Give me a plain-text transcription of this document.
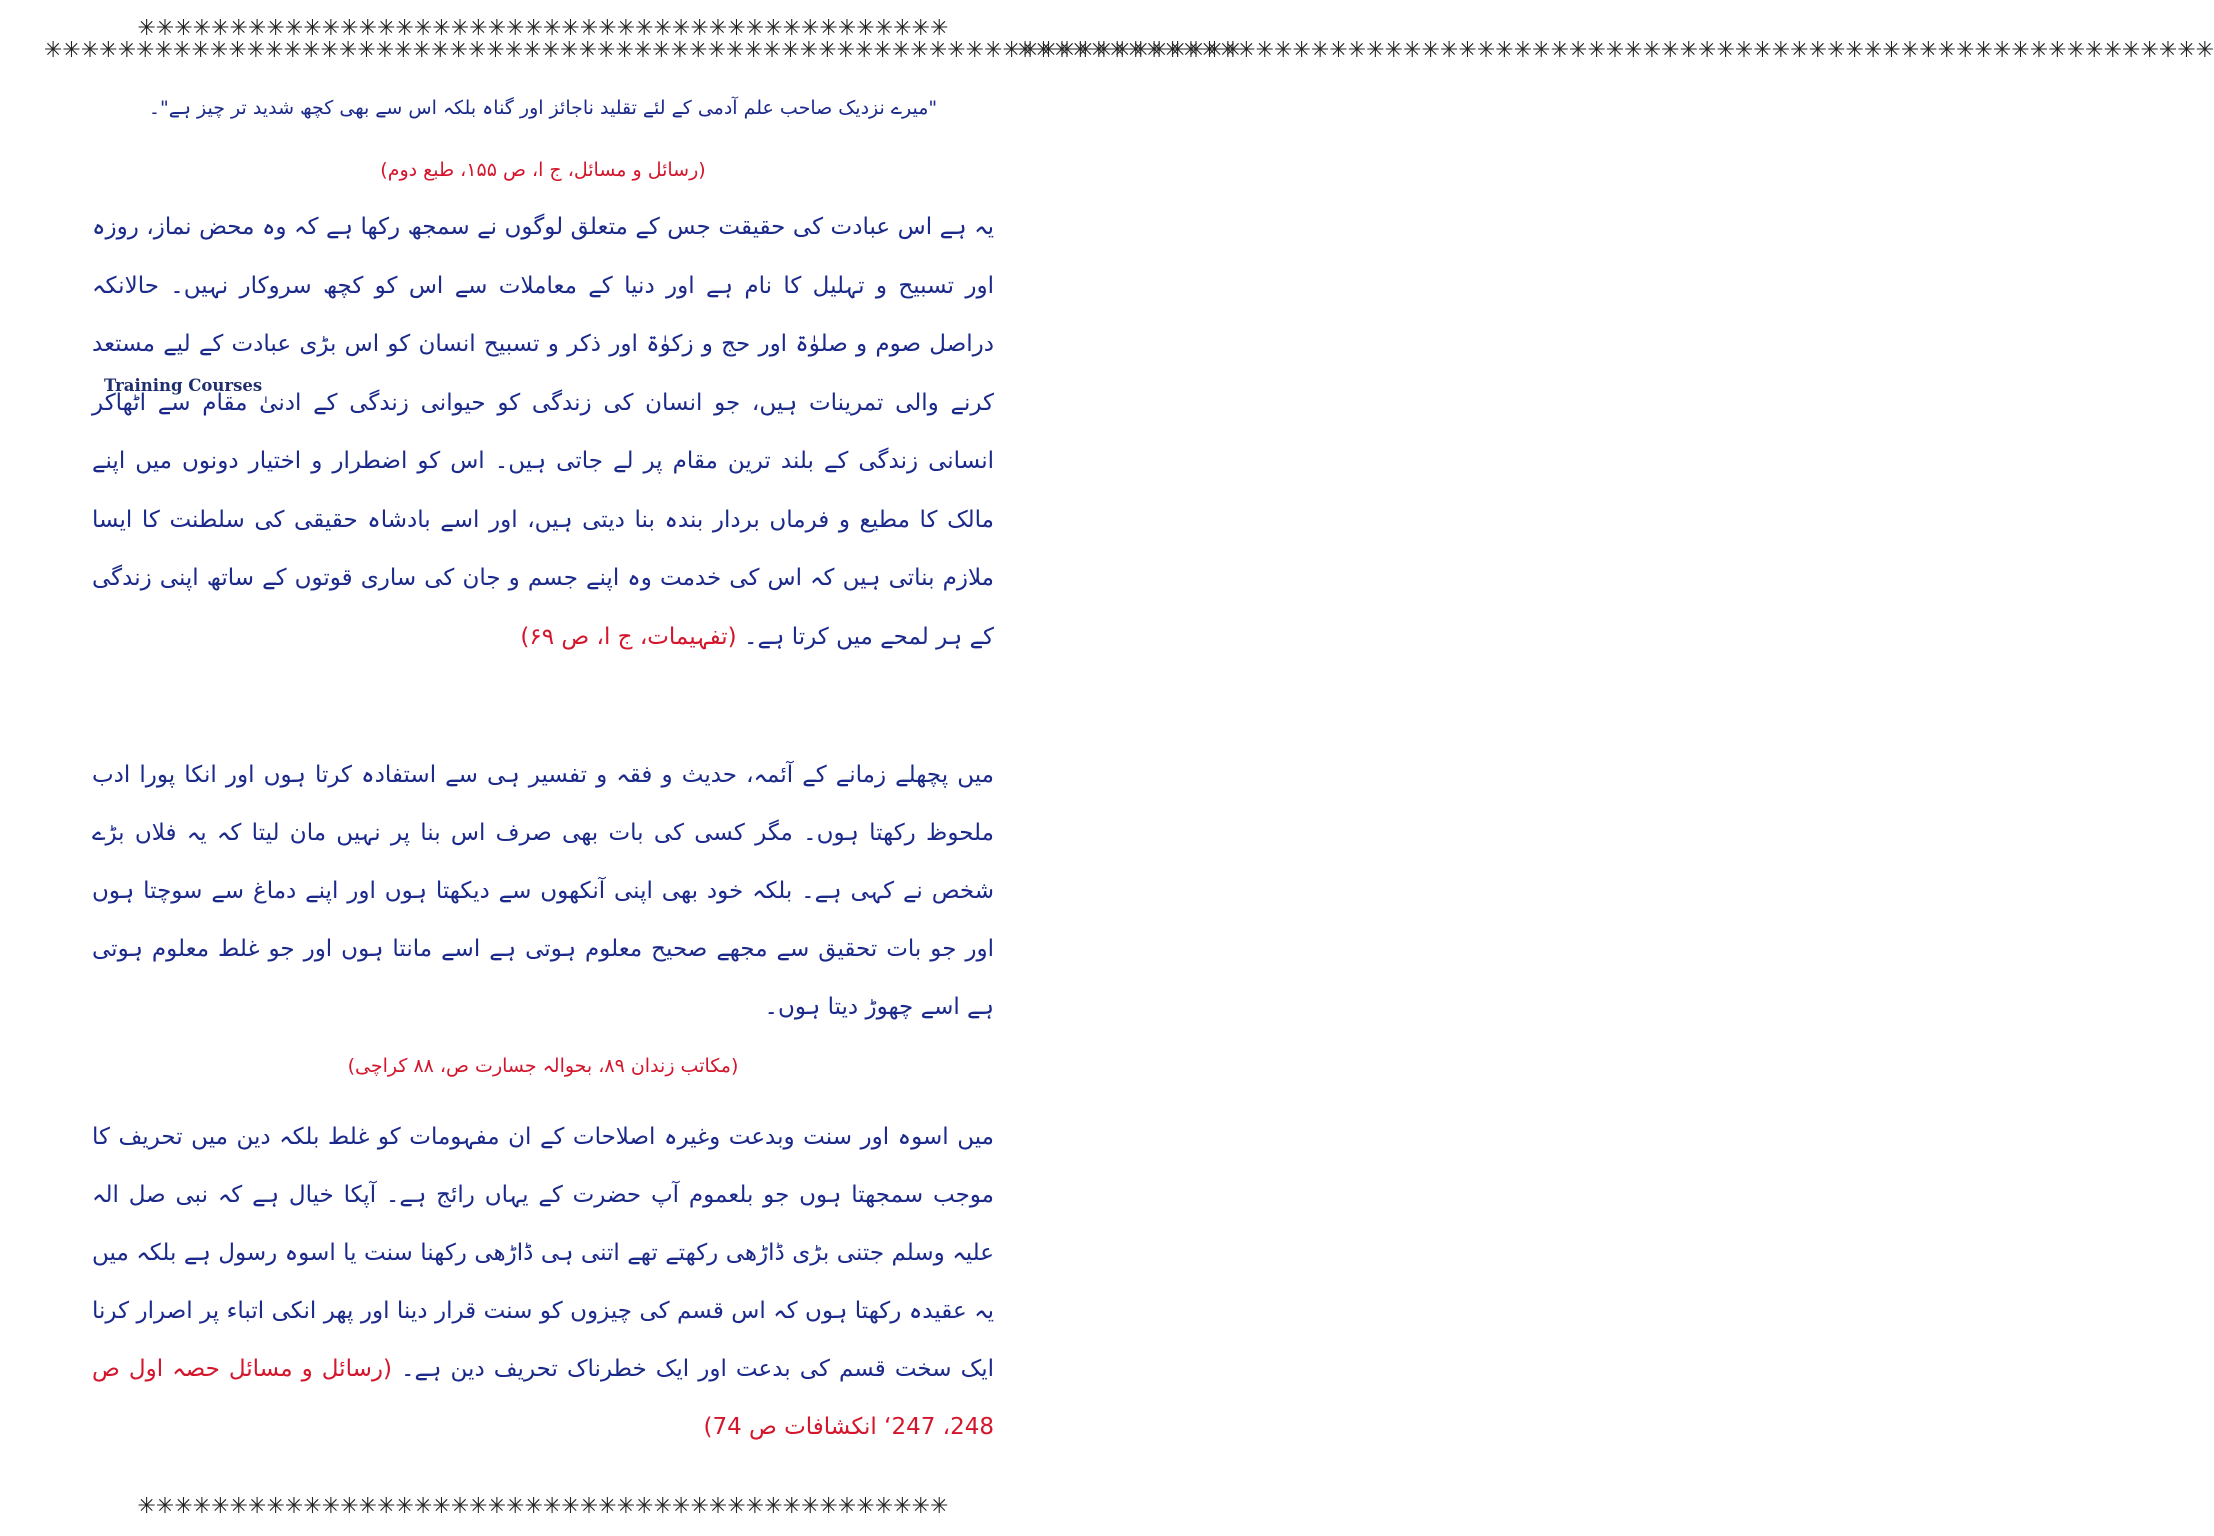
✳✳✳✳✳✳✳✳✳✳✳✳✳✳✳✳✳✳✳✳✳✳✳✳✳✳✳✳✳✳✳✳✳✳✳✳✳✳✳✳✳✳✳✳
✳✳✳✳✳✳✳✳✳✳✳✳✳✳✳✳✳✳✳✳✳✳✳✳✳✳✳✳✳✳✳✳✳✳✳✳✳✳✳✳✳✳✳✳
✳✳✳✳✳✳✳✳✳✳✳✳✳✳✳✳✳✳✳✳✳✳✳✳✳✳✳✳✳✳✳✳✳✳✳✳✳✳✳✳✳✳✳✳✳✳✳✳✳✳✳✳✳✳✳✳✳✳✳✳✳✳✳✳✳
✳✳✳✳✳✳✳✳✳✳✳✳✳✳✳✳✳✳✳✳✳✳✳✳✳✳✳✳✳✳✳✳✳✳✳✳✳✳✳✳✳✳✳✳✳✳✳✳✳✳✳✳✳✳✳✳✳✳✳✳✳✳✳✳✳
Training Courses
"میرے نزدیک صاحب علم آدمی کے لئے تقلید ناجائز اور گناہ بلکہ اس سے بھی کچھ شدید تر چیز ہے"۔
(رسائل و مسائل، ج ا، ص ۱۵۵، طبع دوم)

یہ ہے اس عبادت کی حقیقت جس کے متعلق لوگوں نے سمجھ رکھا ہے کہ وہ محض نماز، روزہ اور تسبیح و تہلیل کا نام ہے اور دنیا کے معاملات سے اس کو کچھ سروکار نہیں۔ حالانکہ دراصل صوم و صلوٰۃ اور حج و زکوٰۃ اور ذکر و تسبیح انسان کو اس بڑی عبادت کے لیے مستعد کرنے والی تمرینات ہیں، جو انسان کی زندگی کو حیوانی زندگی کے ادنیٰ مقام سے اٹھاکر انسانی زندگی کے بلند ترین مقام پر لے جاتی ہیں۔ اس کو اضطرار و اختیار دونوں میں اپنے مالک کا مطیع و فرماں بردار بندہ بنا دیتی ہیں، اور اسے بادشاہ حقیقی کی سلطنت کا ایسا ملازم بناتی ہیں کہ اس کی خدمت وہ اپنے جسم و جان کی ساری قوتوں کے ساتھ اپنی زندگی کے ہر لمحے میں کرتا ہے۔ (تفہیمات، ج ا، ص ۶۹)

میں پچھلے زمانے کے آئمہ، حدیث و فقہ و تفسیر ہی سے استفادہ کرتا ہوں اور انکا پورا ادب ملحوظ رکھتا ہوں۔ مگر کسی کی بات بھی صرف اس بنا پر نہیں مان لیتا کہ یہ فلاں بڑے شخص نے کہی ہے۔ بلکہ خود بھی اپنی آنکھوں سے دیکھتا ہوں اور اپنے دماغ سے سوچتا ہوں اور جو بات تحقیق سے مجھے صحیح معلوم ہوتی ہے اسے مانتا ہوں اور جو غلط معلوم ہوتی ہے اسے چھوڑ دیتا ہوں۔

(مکاتب زندان ۸۹، بحوالہ جسارت ص، ۸۸ کراچی)

میں اسوہ اور سنت وبدعت وغیرہ اصلاحات کے ان مفہومات کو غلط بلکہ دین میں تحریف کا موجب سمجھتا ہوں جو بلعموم آپ حضرت کے یہاں رائج ہے۔ آپکا خیال ہے کہ نبی صل الہ علیہ وسلم جتنی بڑی ڈاڑھی رکھتے تھے اتنی ہی ڈاڑھی رکھنا سنت یا اسوہ رسول ہے بلکہ میں یہ عقیدہ رکھتا ہوں کہ اس قسم کی چیزوں کو سنت قرار دینا اور پھر انکی اتباء پر اصرار کرنا ایک سخت قسم کی بدعت اور ایک خطرناک تحریف دین ہے۔ (رسائل و مسائل حصہ اول ص 248، 247‘ انکشافات ص 74)
